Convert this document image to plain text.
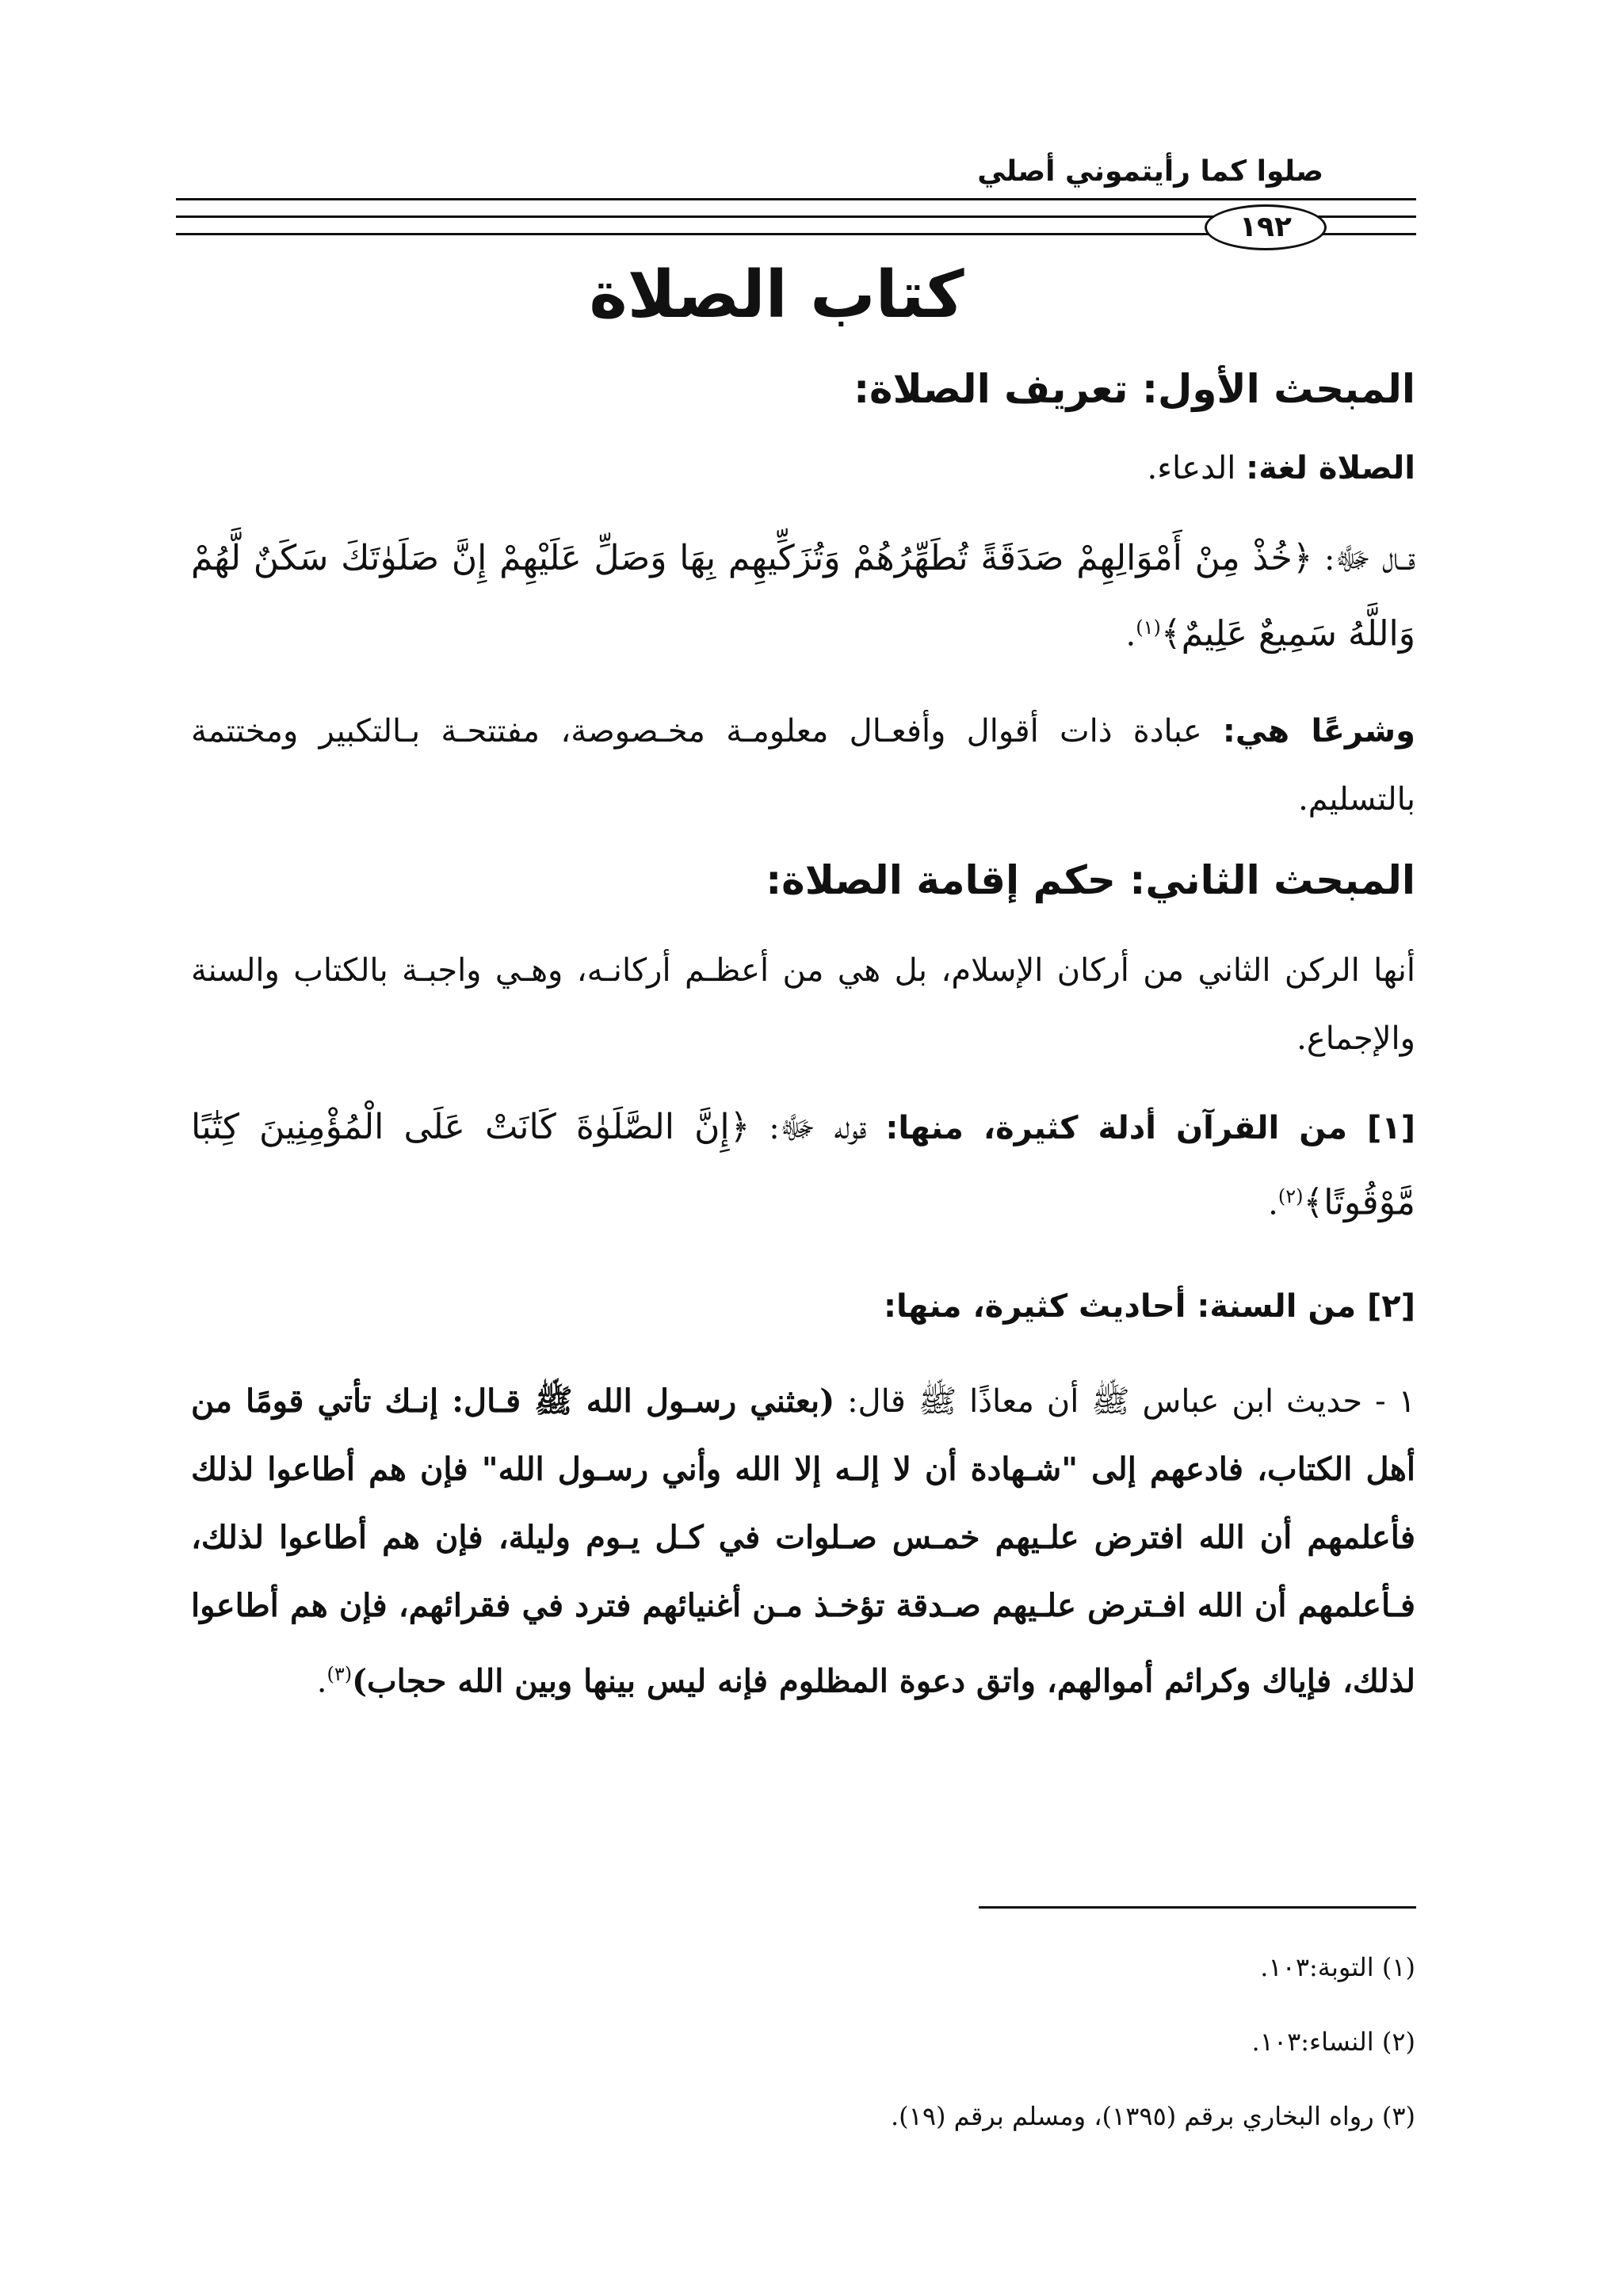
صلوا كما رأيتموني أصلي
١٩٢
كتاب الصلاة
المبحث الأول: تعريف الصلاة:
الصلاة لغة: الدعاء.
قــال ﷻ: ﴿خُذْ مِنْ أَمْوَالِهِمْ صَدَقَةً تُطَهِّرُهُمْ وَتُزَكِّيهِم بِهَا وَصَلِّ عَلَيْهِمْ إِنَّ صَلَوٰتَكَ سَكَنٌ لَّهُمْ وَاللَّهُ سَمِيعٌ عَلِيمٌ﴾$^{(١)}$.
وشرعًا هي: عبادة ذات أقوال وأفعـال معلومـة مخـصوصة، مفتتحـة بـالتكبير ومختتمة بالتسليم.
المبحث الثاني: حكم إقامة الصلاة:
أنها الركن الثاني من أركان الإسلام، بل هي من أعظـم أركانـه، وهـي واجبـة بالكتاب والسنة والإجماع.
[١] من القرآن أدلة كثيرة، منها: قوله ﷻ: ﴿إِنَّ الصَّلَوٰةَ كَانَتْ عَلَى الْمُؤْمِنِينَ كِتَٰبًا مَّوْقُوتًا﴾$^{(٢)}$.
[٢] من السنة: أحاديث كثيرة، منها:
١ - حديث ابن عباس ﷺ أن معاذًا ﷺ قال: (بعثني رسـول الله ﷺ قـال: إنـك تأتي قومًا من أهل الكتاب، فادعهم إلى "شـهادة أن لا إلـه إلا الله وأني رسـول الله" فإن هم أطاعوا لذلك فأعلمهم أن الله افترض علـيهم خمـس صـلوات في كـل يـوم وليلة، فإن هم أطاعوا لذلك، فـأعلمهم أن الله افـترض علـيهم صـدقة تؤخـذ مـن أغنيائهم فترد في فقرائهم، فإن هم أطاعوا لذلك، فإياك وكرائم أموالهم، واتق دعوة المظلوم فإنه ليس بينها وبين الله حجاب)$^{(٣)}$.
(١) التوبة:١٠٣.
(٢) النساء:١٠٣.
(٣) رواه البخاري برقم (١٣٩٥)، ومسلم برقم (١٩).
